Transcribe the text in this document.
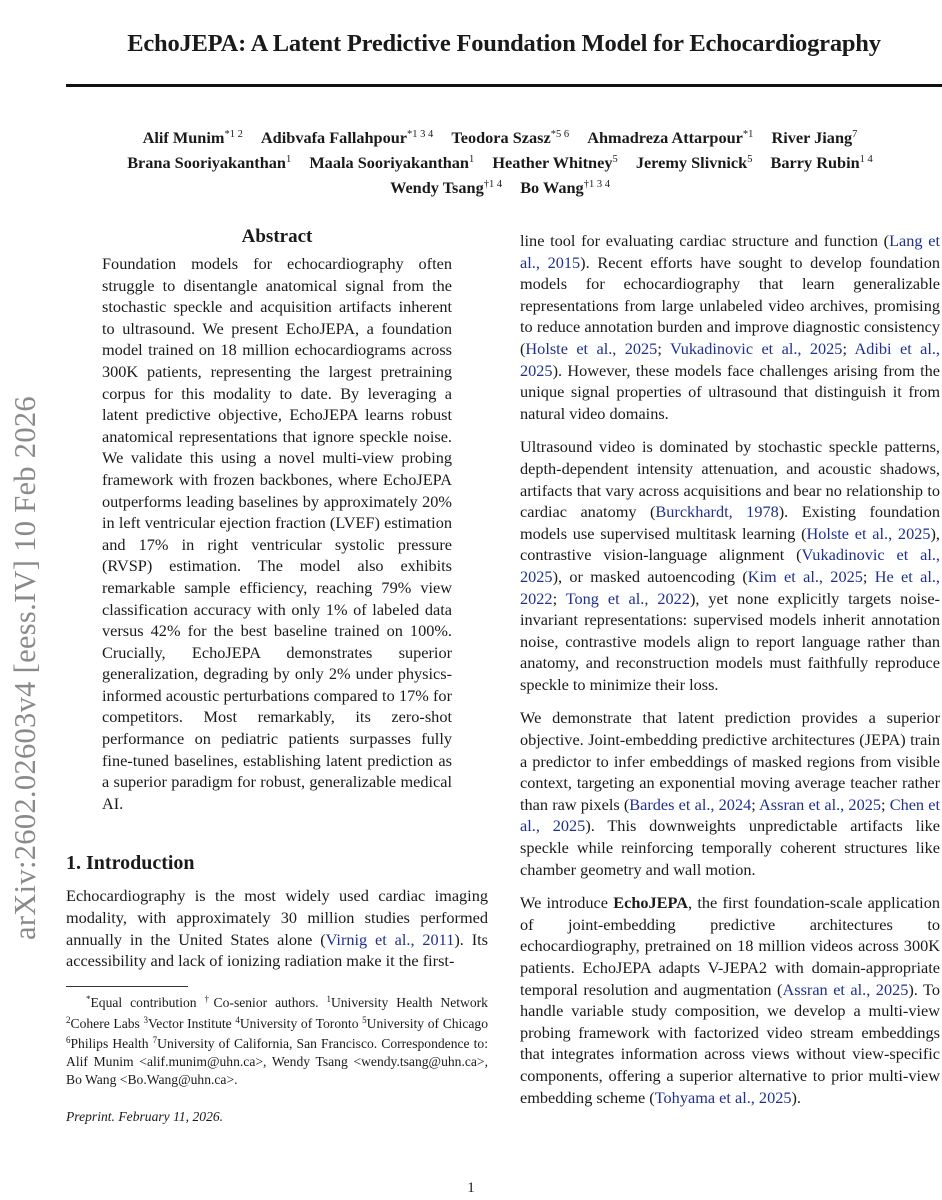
EchoJEPA: A Latent Predictive Foundation Model for Echocardiography
Alif Munim$^{*1 2}$ Adibvafa Fallahpour$^{*1 3 4}$ Teodora Szasz$^{*5 6}$ Ahmadreza Attarpour$^{*1}$ River Jiang$^7$
Brana Sooriyakanthan$^1$ Maala Sooriyakanthan$^1$ Heather Whitney$^5$ Jeremy Slivnick$^5$ Barry Rubin$^{1 4}$
Wendy Tsang$^{\dagger 1 4}$ Bo Wang$^{\dagger 1 3 4}$
arXiv:2602.02603v4 [eess.IV] 10 Feb 2026
Abstract
Foundation models for echocardiography often struggle to disentangle anatomical signal from the stochastic speckle and acquisition artifacts inherent to ultrasound. We present EchoJEPA, a foundation model trained on 18 million echocardiograms across 300K patients, representing the largest pretraining corpus for this modality to date. By leveraging a latent predictive objective, EchoJEPA learns robust anatomical representations that ignore speckle noise. We validate this using a novel multi-view probing framework with frozen backbones, where EchoJEPA outperforms leading baselines by approximately 20% in left ventricular ejection fraction (LVEF) estimation and 17% in right ventricular systolic pressure (RVSP) estimation. The model also exhibits remarkable sample efficiency, reaching 79% view classification accuracy with only 1% of labeled data versus 42% for the best baseline trained on 100%. Crucially, EchoJEPA demonstrates superior generalization, degrading by only 2% under physics-informed acoustic perturbations compared to 17% for competitors. Most remarkably, its zero-shot performance on pediatric patients surpasses fully fine-tuned baselines, establishing latent prediction as a superior paradigm for robust, generalizable medical AI.
1. Introduction

Echocardiography is the most widely used cardiac imaging modality, with approximately 30 million studies performed annually in the United States alone (Virnig et al., 2011). Its accessibility and lack of ionizing radiation make it the first-

*Equal contribution †Co-senior authors. $^1$University Health Network $^2$Cohere Labs $^3$Vector Institute $^4$University of Toronto $^5$University of Chicago $^6$Philips Health $^7$University of California, San Francisco. Correspondence to: Alif Munim <alif.munim@uhn.ca>, Wendy Tsang <wendy.tsang@uhn.ca>, Bo Wang <Bo.Wang@uhn.ca>.
Preprint. February 11, 2026.

line tool for evaluating cardiac structure and function (Lang et al., 2015). Recent efforts have sought to develop foundation models for echocardiography that learn generalizable representations from large unlabeled video archives, promising to reduce annotation burden and improve diagnostic consistency (Holste et al., 2025; Vukadinovic et al., 2025; Adibi et al., 2025). However, these models face challenges arising from the unique signal properties of ultrasound that distinguish it from natural video domains.

Ultrasound video is dominated by stochastic speckle patterns, depth-dependent intensity attenuation, and acoustic shadows, artifacts that vary across acquisitions and bear no relationship to cardiac anatomy (Burckhardt, 1978). Existing foundation models use supervised multitask learning (Holste et al., 2025), contrastive vision-language alignment (Vukadinovic et al., 2025), or masked autoencoding (Kim et al., 2025; He et al., 2022; Tong et al., 2022), yet none explicitly targets noise-invariant representations: supervised models inherit annotation noise, contrastive models align to report language rather than anatomy, and reconstruction models must faithfully reproduce speckle to minimize their loss.

We demonstrate that latent prediction provides a superior objective. Joint-embedding predictive architectures (JEPA) train a predictor to infer embeddings of masked regions from visible context, targeting an exponential moving average teacher rather than raw pixels (Bardes et al., 2024; Assran et al., 2025; Chen et al., 2025). This downweights unpredictable artifacts like speckle while reinforcing temporally coherent structures like chamber geometry and wall motion.

We introduce EchoJEPA, the first foundation-scale application of joint-embedding predictive architectures to echocardiography, pretrained on 18 million videos across 300K patients. EchoJEPA adapts V-JEPA2 with domain-appropriate temporal resolution and augmentation (Assran et al., 2025). To handle variable study composition, we develop a multi-view probing framework with factorized video stream embeddings that integrates information across views without view-specific components, offering a superior alternative to prior multi-view embedding scheme (Tohyama et al., 2025).

1
